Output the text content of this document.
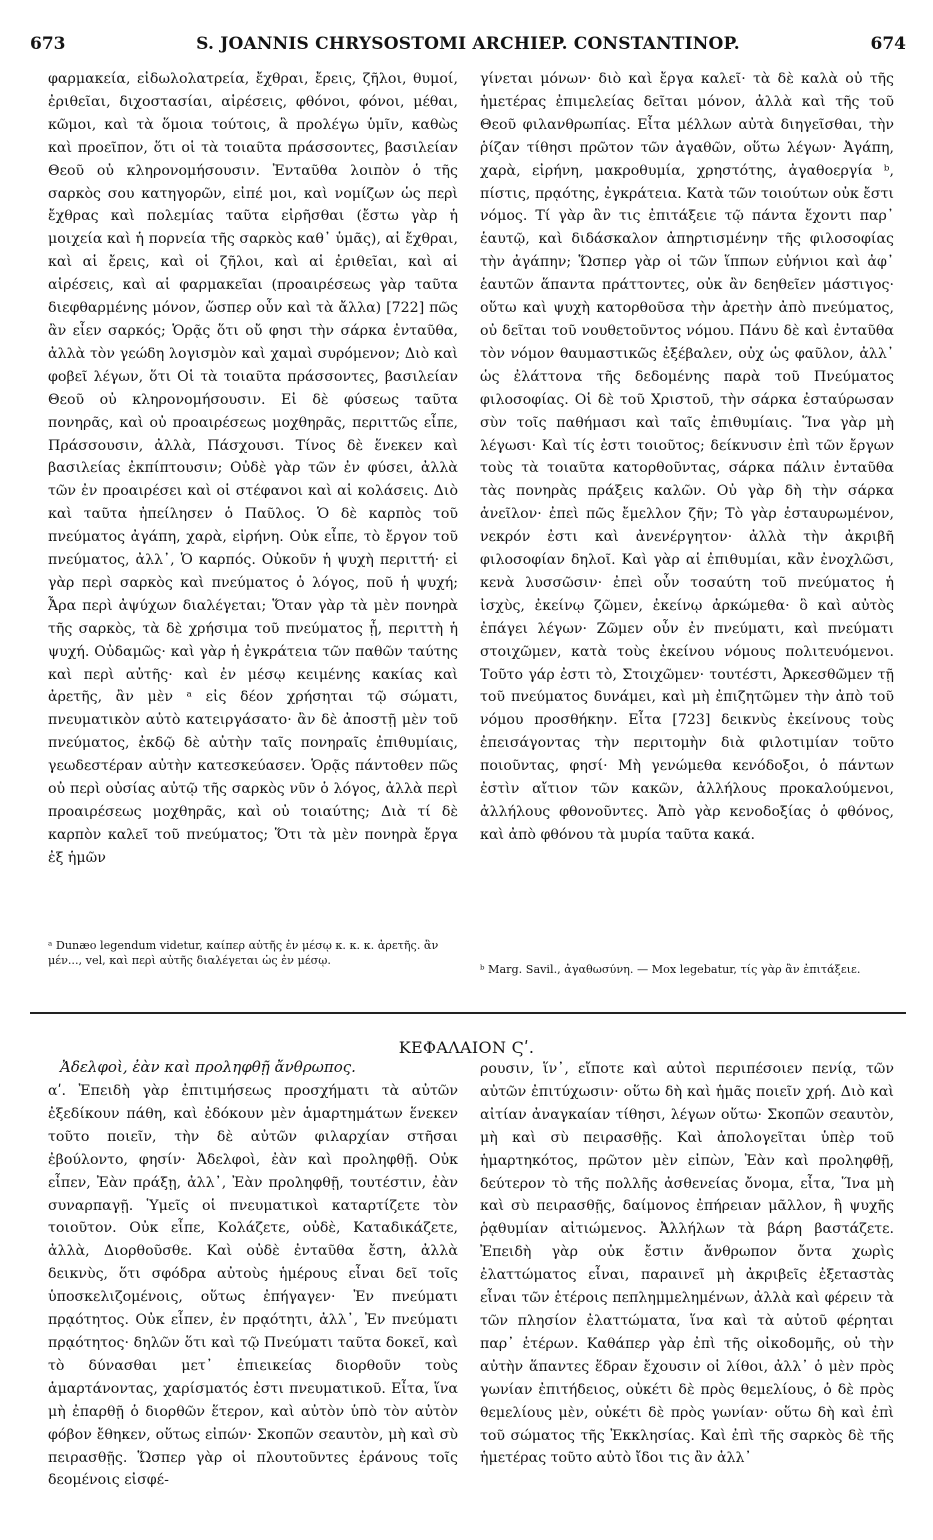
673	S. JOANNIS CHRYSOSTOMI ARCHIEP. CONSTANTINOP.	674

φαρμακεία, εἰδωλολατρεία, ἔχθραι, ἔρεις, ζῆλοι, θυμοί, ἐριθεῖαι, διχοστασίαι, αἱρέσεις, φθόνοι, φόνοι, μέθαι, κῶμοι, καὶ τὰ ὅμοια τούτοις, ἃ προλέγω ὑμῖν, καθὼς καὶ προεῖπον, ὅτι οἱ τὰ τοιαῦτα πράσσοντες, βασιλείαν Θεοῦ οὐ κληρονομήσουσιν. Ἐνταῦθα λοιπὸν ὁ τῆς σαρκὸς σου κατηγορῶν, εἰπέ μοι, καὶ νομίζων ὡς περὶ ἔχθρας καὶ πολεμίας ταῦτα εἰρῆσθαι (ἔστω γὰρ ἡ μοιχεία καὶ ἡ πορνεία τῆς σαρκὸς καθ᾽ ὑμᾶς), αἱ ἔχθραι, καὶ αἱ ἔρεις, καὶ οἱ ζῆλοι, καὶ αἱ ἐριθεῖαι, καὶ αἱ αἱρέσεις, καὶ αἱ φαρμακεῖαι (προαιρέσεως γὰρ ταῦτα διεφθαρμένης μόνον, ὥσπερ οὖν καὶ τὰ ἄλλα) [722] πῶς ἂν εἶεν σαρκός; Ὁρᾷς ὅτι οὔ φησι τὴν σάρκα ἐνταῦθα, ἀλλὰ τὸν γεώδη λογισμὸν καὶ χαμαὶ συρόμενον; Διὸ καὶ φοβεῖ λέγων, ὅτι Οἱ τὰ τοιαῦτα πράσσοντες, βασιλείαν Θεοῦ οὐ κληρονομήσουσιν. Εἰ δὲ φύσεως ταῦτα πονηρᾶς, καὶ οὐ προαιρέσεως μοχθηρᾶς, περιττῶς εἶπε, Πράσσουσιν, ἀλλὰ, Πάσχουσι. Τίνος δὲ ἕνεκεν καὶ βασιλείας ἐκπίπτουσιν; Οὐδὲ γὰρ τῶν ἐν φύσει, ἀλλὰ τῶν ἐν προαιρέσει καὶ οἱ στέφανοι καὶ αἱ κολάσεις. Διὸ καὶ ταῦτα ἠπείλησεν ὁ Παῦλος. Ὁ δὲ καρπὸς τοῦ πνεύματος ἀγάπη, χαρὰ, εἰρήνη. Οὐκ εἶπε, τὸ ἔργον τοῦ πνεύματος, ἀλλ᾽, Ὁ καρπός. Οὐκοῦν ἡ ψυχὴ περιττή· εἰ γὰρ περὶ σαρκὸς καὶ πνεύματος ὁ λόγος, ποῦ ἡ ψυχή; Ἆρα περὶ ἀψύχων διαλέγεται; Ὅταν γὰρ τὰ μὲν πονηρὰ τῆς σαρκὸς, τὰ δὲ χρήσιμα τοῦ πνεύματος ᾖ, περιττὴ ἡ ψυχή. Οὐδαμῶς· καὶ γὰρ ἡ ἐγκράτεια τῶν παθῶν ταύτης καὶ περὶ αὐτῆς· καὶ ἐν μέσῳ κειμένης κακίας καὶ ἀρετῆς, ἂν μὲν ᵃ εἰς δέον χρήσηται τῷ σώματι, πνευματικὸν αὐτὸ κατειργάσατο· ἂν δὲ ἀποστῇ μὲν τοῦ πνεύματος, ἐκδῷ δὲ αὐτὴν ταῖς πονηραῖς ἐπιθυμίαις, γεωδεστέραν αὐτὴν κατεσκεύασεν. Ὁρᾷς πάντοθεν πῶς οὐ περὶ οὐσίας αὐτῷ τῆς σαρκὸς νῦν ὁ λόγος, ἀλλὰ περὶ προαιρέσεως μοχθηρᾶς, καὶ οὐ τοιαύτης; Διὰ τί δὲ καρπὸν καλεῖ τοῦ πνεύματος; Ὅτι τὰ μὲν πονηρὰ ἔργα ἐξ ἡμῶν

γίνεται μόνων· διὸ καὶ ἔργα καλεῖ· τὰ δὲ καλὰ οὐ τῆς ἡμετέρας ἐπιμελείας δεῖται μόνον, ἀλλὰ καὶ τῆς τοῦ Θεοῦ φιλανθρωπίας. Εἶτα μέλλων αὐτὰ διηγεῖσθαι, τὴν ῥίζαν τίθησι πρῶτον τῶν ἀγαθῶν, οὕτω λέγων· Ἀγάπη, χαρὰ, εἰρήνη, μακροθυμία, χρηστότης, ἀγαθοεργία ᵇ, πίστις, πρᾳότης, ἐγκράτεια. Κατὰ τῶν τοιούτων οὐκ ἔστι νόμος. Τί γὰρ ἂν τις ἐπιτάξειε τῷ πάντα ἔχοντι παρ᾽ ἑαυτῷ, καὶ διδάσκαλον ἀπηρτισμένην τῆς φιλοσοφίας τὴν ἀγάπην; Ὥσπερ γὰρ οἱ τῶν ἵππων εὐήνιοι καὶ ἀφ᾽ ἑαυτῶν ἅπαντα πράττοντες, οὐκ ἂν δεηθεῖεν μάστιγος· οὕτω καὶ ψυχὴ κατορθοῦσα τὴν ἀρετὴν ἀπὸ πνεύματος, οὐ δεῖται τοῦ νουθετοῦντος νόμου. Πάνυ δὲ καὶ ἐνταῦθα τὸν νόμον θαυμαστικῶς ἐξέβαλεν, οὐχ ὡς φαῦλον, ἀλλ᾽ ὡς ἐλάττονα τῆς δεδομένης παρὰ τοῦ Πνεύματος φιλοσοφίας. Οἱ δὲ τοῦ Χριστοῦ, τὴν σάρκα ἐσταύρωσαν σὺν τοῖς παθήμασι καὶ ταῖς ἐπιθυμίαις. Ἵνα γὰρ μὴ λέγωσι· Καὶ τίς ἐστι τοιοῦτος; δείκνυσιν ἐπὶ τῶν ἔργων τοὺς τὰ τοιαῦτα κατορθοῦντας, σάρκα πάλιν ἐνταῦθα τὰς πονηρὰς πράξεις καλῶν. Οὐ γὰρ δὴ τὴν σάρκα ἀνεῖλον· ἐπεὶ πῶς ἔμελλον ζῆν; Τὸ γὰρ ἐσταυρωμένον, νεκρόν ἐστι καὶ ἀνενέργητον· ἀλλὰ τὴν ἀκριβῆ φιλοσοφίαν δηλοῖ. Καὶ γὰρ αἱ ἐπιθυμίαι, κἂν ἐνοχλῶσι, κενὰ λυσσῶσιν· ἐπεὶ οὖν τοσαύτη τοῦ πνεύματος ἡ ἰσχὺς, ἐκείνῳ ζῶμεν, ἐκείνῳ ἀρκώμεθα· ὃ καὶ αὐτὸς ἐπάγει λέγων· Ζῶμεν οὖν ἐν πνεύματι, καὶ πνεύματι στοιχῶμεν, κατὰ τοὺς ἐκείνου νόμους πολιτευόμενοι. Τοῦτο γάρ ἐστι τὸ, Στοιχῶμεν· τουτέστι, Ἀρκεσθῶμεν τῇ τοῦ πνεύματος δυνάμει, καὶ μὴ ἐπιζητῶμεν τὴν ἀπὸ τοῦ νόμου προσθήκην. Εἶτα [723] δεικνὺς ἐκείνους τοὺς ἐπεισάγοντας τὴν περιτομὴν διὰ φιλοτιμίαν τοῦτο ποιοῦντας, φησί· Μὴ γενώμεθα κενόδοξοι, ὁ πάντων ἐστὶν αἴτιον τῶν κακῶν, ἀλλήλους προκαλούμενοι, ἀλλήλους φθονοῦντες. Ἀπὸ γὰρ κενοδοξίας ὁ φθόνος, καὶ ἀπὸ φθόνου τὰ μυρία ταῦτα κακά.

ᵃ Dunæo legendum videtur, καίπερ αὐτῆς ἐν μέσῳ κ. κ. κ. ἀρετῆς. ἂν μέν..., vel, καὶ περὶ αὐτῆς διαλέγεται ὡς ἐν μέσῳ.
ᵇ Marg. Savil., ἀγαθωσύνη. — Mox legebatur, τίς γὰρ ἂν ἐπιτάξειε.
ΚΕΦΑΛΑΙΟΝ Ϛʹ.
Ἀδελφοὶ, ἐὰν καὶ προληφθῇ ἄνθρωπος.

αʹ. Ἐπειδὴ γὰρ ἐπιτιμήσεως προσχήματι τὰ αὐτῶν ἐξεδίκουν πάθη, καὶ ἐδόκουν μὲν ἁμαρτημάτων ἕνεκεν τοῦτο ποιεῖν, τὴν δὲ αὐτῶν φιλαρχίαν στῆσαι ἐβούλοντο, φησίν· Ἀδελφοὶ, ἐὰν καὶ προληφθῇ. Οὐκ εἶπεν, Ἐὰν πράξῃ, ἀλλ᾽, Ἐὰν προληφθῇ, τουτέστιν, ἐὰν συναρπαγῇ. Ὑμεῖς οἱ πνευματικοὶ καταρτίζετε τὸν τοιοῦτον. Οὐκ εἶπε, Κολάζετε, οὐδὲ, Καταδικάζετε, ἀλλὰ, Διορθοῦσθε. Καὶ οὐδὲ ἐνταῦθα ἔστη, ἀλλὰ δεικνὺς, ὅτι σφόδρα αὐτοὺς ἡμέρους εἶναι δεῖ τοῖς ὑποσκελιζομένοις, οὕτως ἐπήγαγεν· Ἐν πνεύματι πρᾳότητος. Οὐκ εἶπεν, ἐν πρᾳότητι, ἀλλ᾽, Ἐν πνεύματι πρᾳότητος· δηλῶν ὅτι καὶ τῷ Πνεύματι ταῦτα δοκεῖ, καὶ τὸ δύνασθαι μετ᾽ ἐπιεικείας διορθοῦν τοὺς ἁμαρτάνοντας, χαρίσματός ἐστι πνευματικοῦ. Εἶτα, ἵνα μὴ ἐπαρθῇ ὁ διορθῶν ἕτερον, καὶ αὐτὸν ὑπὸ τὸν αὐτὸν φόβον ἔθηκεν, οὕτως εἰπών· Σκοπῶν σεαυτὸν, μὴ καὶ σὺ πειρασθῇς. Ὥσπερ γὰρ οἱ πλουτοῦντες ἐράνους τοῖς δεομένοις εἰσφέ-

ρουσιν, ἵν᾽, εἴποτε καὶ αὐτοὶ περιπέσοιεν πενίᾳ, τῶν αὐτῶν ἐπιτύχωσιν· οὕτω δὴ καὶ ἡμᾶς ποιεῖν χρή. Διὸ καὶ αἰτίαν ἀναγκαίαν τίθησι, λέγων οὕτω· Σκοπῶν σεαυτὸν, μὴ καὶ σὺ πειρασθῇς. Καὶ ἀπολογεῖται ὑπὲρ τοῦ ἡμαρτηκότος, πρῶτον μὲν εἰπὼν, Ἐὰν καὶ προληφθῇ, δεύτερον τὸ τῆς πολλῆς ἀσθενείας ὄνομα, εἶτα, Ἵνα μὴ καὶ σὺ πειρασθῇς, δαίμονος ἐπήρειαν μᾶλλον, ἢ ψυχῆς ῥᾳθυμίαν αἰτιώμενος. Ἀλλήλων τὰ βάρη βαστάζετε. Ἐπειδὴ γὰρ οὐκ ἔστιν ἄνθρωπον ὄντα χωρὶς ἐλαττώματος εἶναι, παραινεῖ μὴ ἀκριβεῖς ἐξεταστὰς εἶναι τῶν ἑτέροις πεπλημμελημένων, ἀλλὰ καὶ φέρειν τὰ τῶν πλησίον ἐλαττώματα, ἵνα καὶ τὰ αὐτοῦ φέρηται παρ᾽ ἑτέρων. Καθάπερ γὰρ ἐπὶ τῆς οἰκοδομῆς, οὐ τὴν αὐτὴν ἅπαντες ἕδραν ἔχουσιν οἱ λίθοι, ἀλλ᾽ ὁ μὲν πρὸς γωνίαν ἐπιτήδειος, οὐκέτι δὲ πρὸς θεμελίους, ὁ δὲ πρὸς θεμελίους μὲν, οὐκέτι δὲ πρὸς γωνίαν· οὕτω δὴ καὶ ἐπὶ τοῦ σώματος τῆς Ἐκκλησίας. Καὶ ἐπὶ τῆς σαρκὸς δὲ τῆς ἡμετέρας τοῦτο αὐτὸ ἴδοι τις ἂν ἀλλ᾽
